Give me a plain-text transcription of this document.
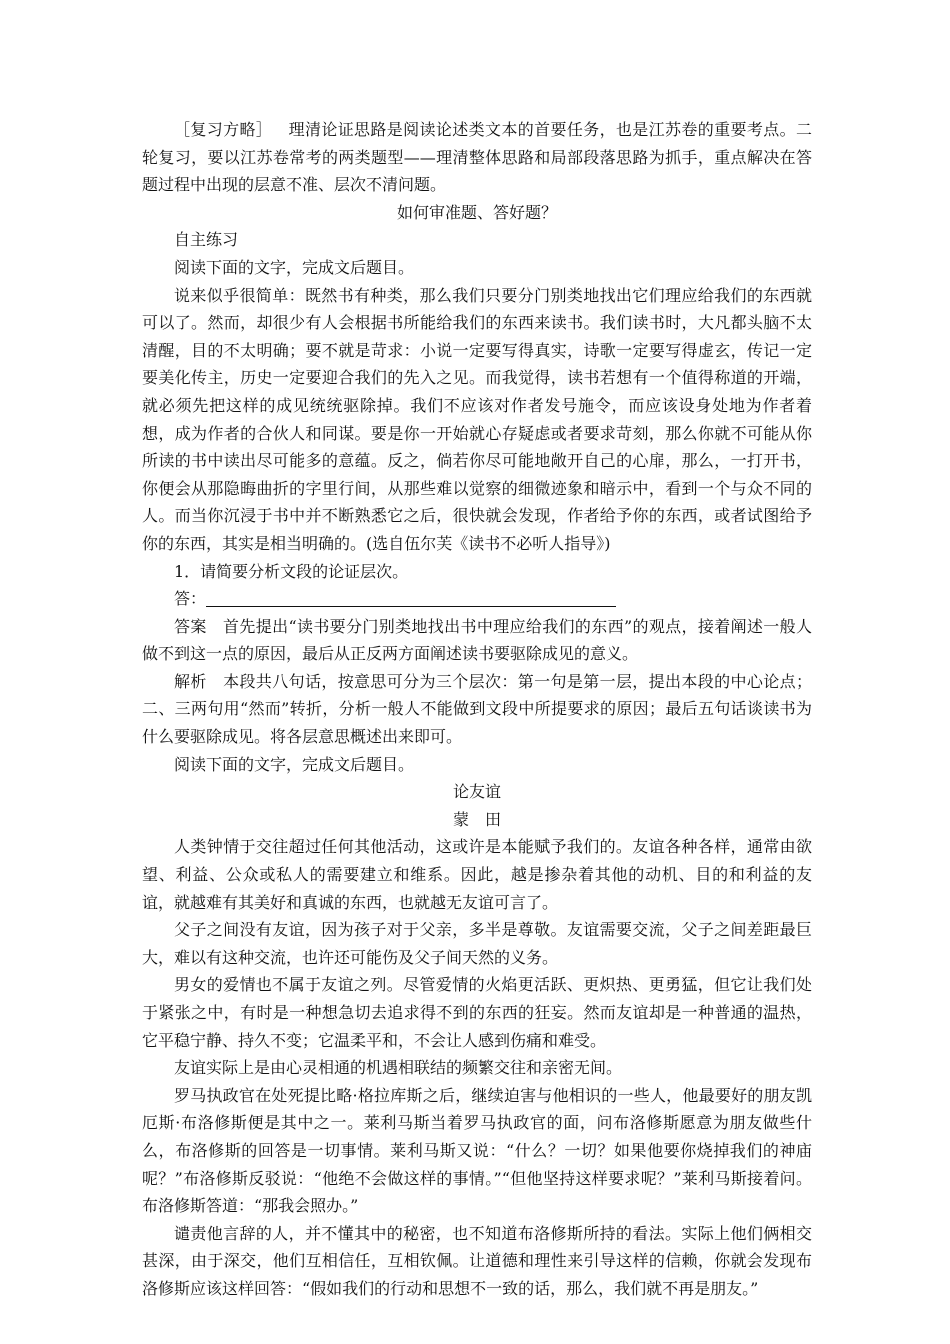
［复习方略］ 理清论证思路是阅读论述类文本的首要任务，也是江苏卷的重要考点。二轮复习，要以江苏卷常考的两类题型——理清整体思路和局部段落思路为抓手，重点解决在答题过程中出现的层意不准、层次不清问题。

如何审准题、答好题？

自主练习

阅读下面的文字，完成文后题目。

说来似乎很简单：既然书有种类，那么我们只要分门别类地找出它们理应给我们的东西就可以了。然而，却很少有人会根据书所能给我们的东西来读书。我们读书时，大凡都头脑不太清醒，目的不太明确；要不就是苛求：小说一定要写得真实，诗歌一定要写得虚玄，传记一定要美化传主，历史一定要迎合我们的先入之见。而我觉得，读书若想有一个值得称道的开端，就必须先把这样的成见统统驱除掉。我们不应该对作者发号施令，而应该设身处地为作者着想，成为作者的合伙人和同谋。要是你一开始就心存疑虑或者要求苛刻，那么你就不可能从你所读的书中读出尽可能多的意蕴。反之，倘若你尽可能地敞开自己的心扉，那么，一打开书，你便会从那隐晦曲折的字里行间，从那些难以觉察的细微迹象和暗示中，看到一个与众不同的人。而当你沉浸于书中并不断熟悉它之后，很快就会发现，作者给予你的东西，或者试图给予你的东西，其实是相当明确的。(选自伍尔芙《读书不必听人指导》)

1．请简要分析文段的论证层次。

答：

答案 首先提出“读书要分门别类地找出书中理应给我们的东西”的观点，接着阐述一般人做不到这一点的原因，最后从正反两方面阐述读书要驱除成见的意义。

解析 本段共八句话，按意思可分为三个层次：第一句是第一层，提出本段的中心论点；二、三两句用“然而”转折，分析一般人不能做到文段中所提要求的原因；最后五句话谈读书为什么要驱除成见。将各层意思概述出来即可。

阅读下面的文字，完成文后题目。

论友谊

蒙　田

人类钟情于交往超过任何其他活动，这或许是本能赋予我们的。友谊各种各样，通常由欲望、利益、公众或私人的需要建立和维系。因此，越是掺杂着其他的动机、目的和利益的友谊，就越难有其美好和真诚的东西，也就越无友谊可言了。

父子之间没有友谊，因为孩子对于父亲，多半是尊敬。友谊需要交流，父子之间差距最巨大，难以有这种交流，也许还可能伤及父子间天然的义务。

男女的爱情也不属于友谊之列。尽管爱情的火焰更活跃、更炽热、更勇猛，但它让我们处于紧张之中，有时是一种想急切去追求得不到的东西的狂妄。然而友谊却是一种普通的温热，它平稳宁静、持久不变；它温柔平和，不会让人感到伤痛和难受。

友谊实际上是由心灵相通的机遇相联结的频繁交往和亲密无间。

罗马执政官在处死提比略·格拉库斯之后，继续迫害与他相识的一些人，他最要好的朋友凯厄斯·布洛修斯便是其中之一。莱利马斯当着罗马执政官的面，问布洛修斯愿意为朋友做些什么，布洛修斯的回答是一切事情。莱利马斯又说：“什么？一切？如果他要你烧掉我们的神庙呢？”布洛修斯反驳说：“他绝不会做这样的事情。”“但他坚持这样要求呢？”莱利马斯接着问。布洛修斯答道：“那我会照办。”

谴责他言辞的人，并不懂其中的秘密，也不知道布洛修斯所持的看法。实际上他们俩相交甚深，由于深交，他们互相信任，互相钦佩。让道德和理性来引导这样的信赖，你就会发现布洛修斯应该这样回答：“假如我们的行动和思想不一致的话，那么，我们就不再是朋友。”
